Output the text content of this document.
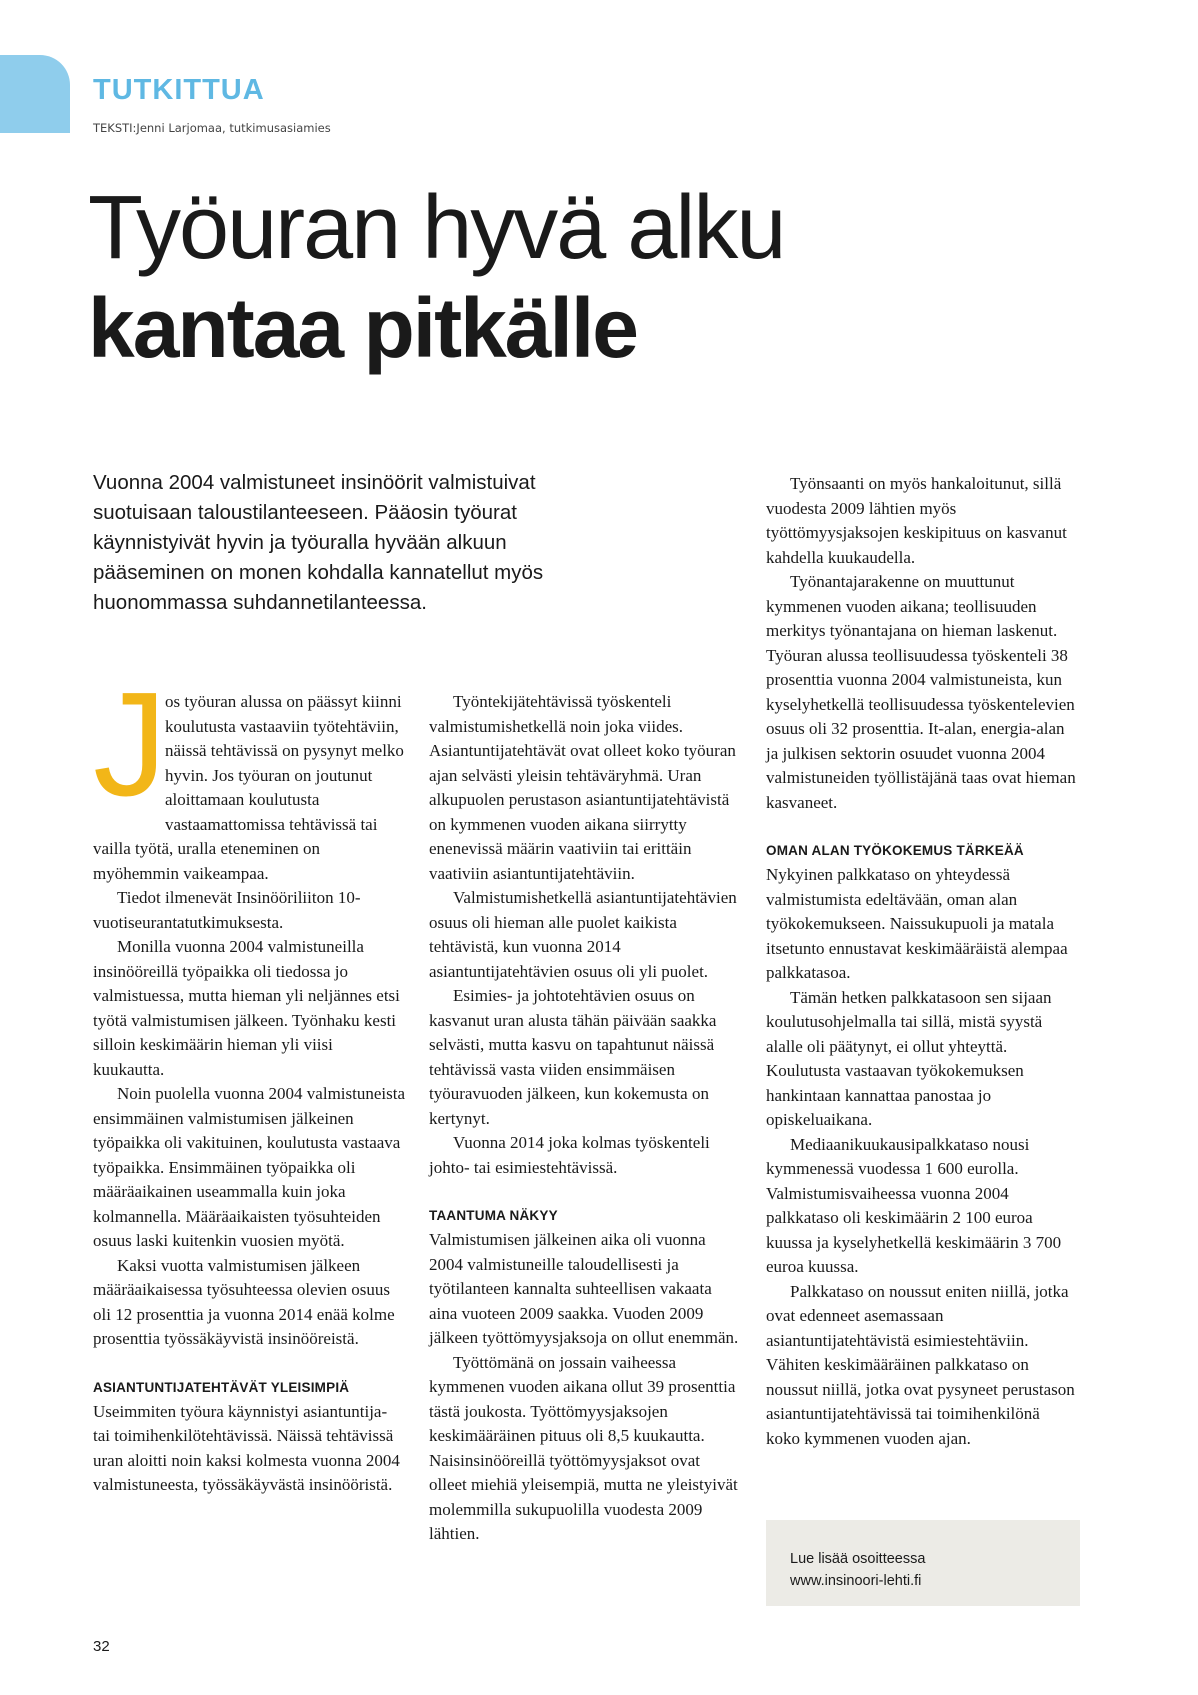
TUTKITTUA

TEKSTI:Jenni Larjomaa, tutkimusasiamies

Työuran hyvä alku
kantaa pitkälle

Vuonna 2004 valmistuneet insinöörit valmistuivat suotuisaan taloustilanteeseen. Pääosin työurat käynnistyivät hyvin ja työuralla hyvään alkuun pääseminen on monen kohdalla kannatellut myös huonommassa suhdannetilanteessa.

J
os työuran alussa on päässyt kiinni koulutusta vastaaviin työtehtäviin, näissä tehtävissä on pysynyt melko hyvin. Jos työuran on joutunut aloittamaan koulutusta vastaamattomissa tehtävissä tai vailla työtä, uralla eteneminen on myöhemmin vaikeampaa.

Tiedot ilmenevät Insinööriliiton 10-vuotiseurantatutkimuksesta.

Monilla vuonna 2004 valmistuneilla insinööreillä työpaikka oli tiedossa jo valmistuessa, mutta hieman yli neljännes etsi työtä valmistumisen jälkeen. Työnhaku kesti silloin keskimäärin hieman yli viisi kuukautta.

Noin puolella vuonna 2004 valmistuneista ensimmäinen valmistumisen jälkeinen työpaikka oli vakituinen, koulutusta vastaava työpaikka. Ensimmäinen työpaikka oli määräaikainen useammalla kuin joka kolmannella. Määräaikaisten työsuhteiden osuus laski kuitenkin vuosien myötä.

Kaksi vuotta valmistumisen jälkeen määräaikaisessa työsuhteessa olevien osuus oli 12 prosenttia ja vuonna 2014 enää kolme prosenttia työssäkäyvistä insinööreistä.

ASIANTUNTIJATEHTÄVÄT YLEISIMPIÄ

Useimmiten työura käynnistyi asiantuntija- tai toimihenkilötehtävissä. Näissä tehtävissä uran aloitti noin kaksi kolmesta vuonna 2004 valmistuneesta, työssäkäyvästä insinööristä.

Työntekijätehtävissä työskenteli valmistumishetkellä noin joka viides. Asiantuntijatehtävät ovat olleet koko työuran ajan selvästi yleisin tehtäväryhmä. Uran alkupuolen perustason asiantuntijatehtävistä on kymmenen vuoden aikana siirrytty enenevissä määrin vaativiin tai erittäin vaativiin asiantuntijatehtäviin.

Valmistumishetkellä asiantuntijatehtävien osuus oli hieman alle puolet kaikista tehtävistä, kun vuonna 2014 asiantuntijatehtävien osuus oli yli puolet.

Esimies- ja johtotehtävien osuus on kasvanut uran alusta tähän päivään saakka selvästi, mutta kasvu on tapahtunut näissä tehtävissä vasta viiden ensimmäisen työuravuoden jälkeen, kun kokemusta on kertynyt.

Vuonna 2014 joka kolmas työskenteli johto- tai esimiestehtävissä.

TAANTUMA NÄKYY

Valmistumisen jälkeinen aika oli vuonna 2004 valmistuneille taloudellisesti ja työtilanteen kannalta suhteellisen vakaata aina vuoteen 2009 saakka. Vuoden 2009 jälkeen työttömyysjaksoja on ollut enemmän.

Työttömänä on jossain vaiheessa kymmenen vuoden aikana ollut 39 prosenttia tästä joukosta. Työttömyysjaksojen keskimääräinen pituus oli 8,5 kuukautta. Naisinsinööreillä työttömyysjaksot ovat olleet miehiä yleisempiä, mutta ne yleistyivät molemmilla sukupuolilla vuodesta 2009 lähtien.

Työnsaanti on myös hankaloitunut, sillä vuodesta 2009 lähtien myös työttömyysjaksojen keskipituus on kasvanut kahdella kuukaudella.

Työnantajarakenne on muuttunut kymmenen vuoden aikana; teollisuuden merkitys työnantajana on hieman laskenut. Työuran alussa teollisuudessa työskenteli 38 prosenttia vuonna 2004 valmistuneista, kun kyselyhetkellä teollisuudessa työskentelevien osuus oli 32 prosenttia. It-alan, energia-alan ja julkisen sektorin osuudet vuonna 2004 valmistuneiden työllistäjänä taas ovat hieman kasvaneet.

OMAN ALAN TYÖKOKEMUS TÄRKEÄÄ

Nykyinen palkkataso on yhteydessä valmistumista edeltävään, oman alan työkokemukseen. Naissukupuoli ja matala itsetunto ennustavat keskimääräistä alempaa palkkatasoa.

Tämän hetken palkkatasoon sen sijaan koulutusohjelmalla tai sillä, mistä syystä alalle oli päätynyt, ei ollut yhteyttä. Koulutusta vastaavan työkokemuksen hankintaan kannattaa panostaa jo opiskeluaikana.

Mediaanikuukausipalkkataso nousi kymmenessä vuodessa 1 600 eurolla. Valmistumisvaiheessa vuonna 2004 palkkataso oli keskimäärin 2 100 euroa kuussa ja kyselyhetkellä keskimäärin 3 700 euroa kuussa.

Palkkataso on noussut eniten niillä, jotka ovat edenneet asemassaan asiantuntijatehtävistä esimiestehtäviin. Vähiten keskimääräinen palkkataso on noussut niillä, jotka ovat pysyneet perustason asiantuntijatehtävissä tai toimihenkilönä koko kymmenen vuoden ajan.

Lue lisää osoitteessa
www.insinoori-lehti.fi

32
